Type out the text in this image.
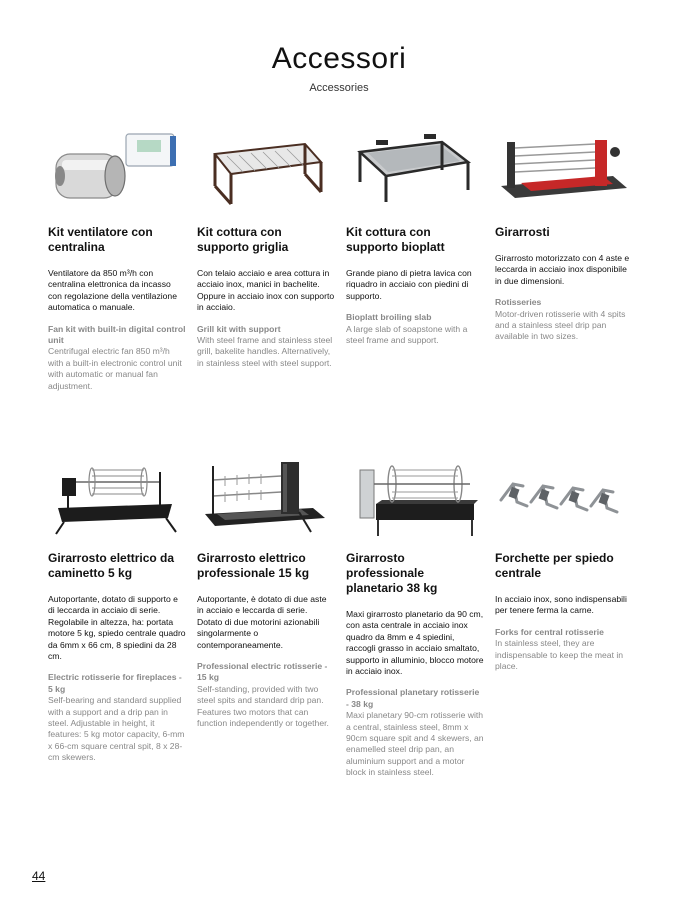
Accessori

Accessories

Kit ventilatore con centralina

Ventilatore da 850 m³/h con centralina elettronica da incasso con regolazione della ventilazione automatica o manuale.
Fan kit with built-in digital control unit
Centrifugal electric fan 850 m³/h with a built-in electronic control unit with automatic or manual fan adjustment.

Kit cottura con supporto griglia

Con telaio acciaio e area cottura in acciaio inox, manici in bachelite. Oppure in acciaio inox con supporto in acciaio.
Grill kit with support
With steel frame and stainless steel grill, bakelite handles. Alternatively, in stainless steel with steel support.

Kit cottura con supporto bioplatt

Grande piano di pietra lavica con riquadro in acciaio con piedini di supporto.
Bioplatt broiling slab
A large slab of soapstone with a steel frame and support.

Girarrosti

Girarrosto motorizzato con 4 aste e leccarda in acciaio inox disponibile in due dimensioni.
Rotisseries
Motor-driven rotisserie with 4 spits and a stainless steel drip pan available in two sizes.

Girarrosto elettrico da caminetto 5 kg

Autoportante, dotato di supporto e di leccarda in acciaio di serie. Regolabile in altezza, ha: portata motore 5 kg, spiedo centrale quadro da 6mm x 66 cm, 8 spiedini da 28 cm.
Electric rotisserie for fireplaces - 5 kg
Self-bearing and standard supplied with a support and a drip pan in steel. Adjustable in height, it features: 5 kg motor capacity, 6-mm x 66-cm square central spit, 8 x 28-cm skewers.

Girarrosto elettrico professionale 15 kg

Autoportante, è dotato di due aste in acciaio e leccarda di serie. Dotato di due motorini azionabili singolarmente o contemporaneamente.
Professional electric rotisserie - 15 kg
Self-standing, provided with two steel spits and standard drip pan. Features two motors that can function independently or together.

Girarrosto professionale planetario 38 kg

Maxi girarrosto planetario da 90 cm, con asta centrale in acciaio inox quadro da 8mm e 4 spiedini, raccogli grasso in acciaio smaltato, supporto in alluminio, blocco motore in acciaio inox.
Professional planetary rotisserie - 38 kg
Maxi planetary 90-cm rotisserie with a central, stainless steel, 8mm x 90cm square spit and 4 skewers, an enamelled steel drip pan, an aluminium support and a motor block in stainless steel.

Forchette per spiedo centrale

In acciaio inox, sono indispensabili per tenere ferma la carne.
Forks for central rotisserie
In stainless steel, they are indispensable to keep the meat in place.
44
